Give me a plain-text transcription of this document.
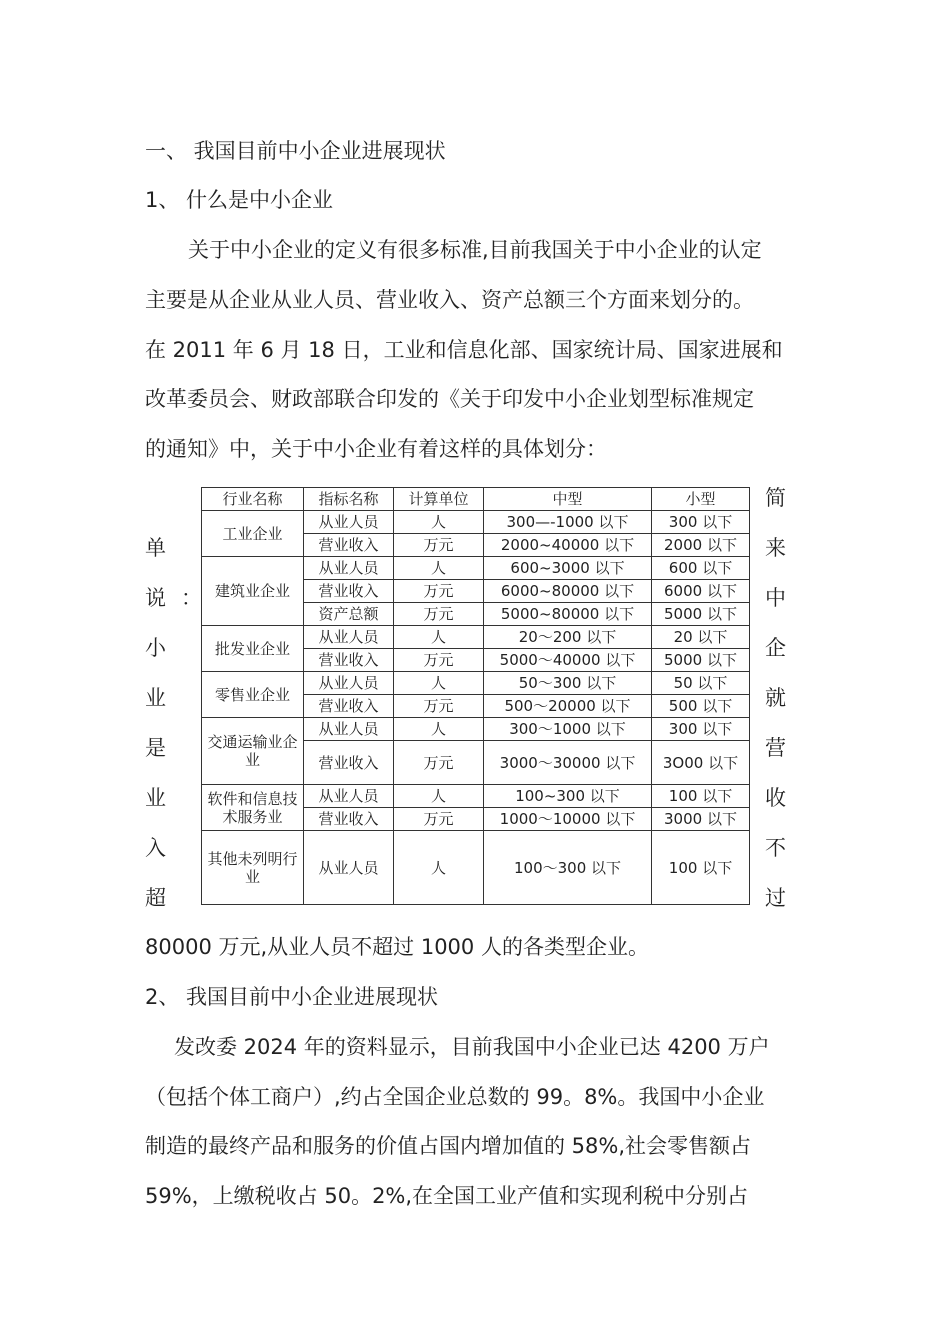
一、 我国目前中小企业进展现状
1、 什么是中小企业
关于中小企业的定义有很多标准,目前我国关于中小企业的认定
主要是从企业从业人员、营业收入、资产总额三个方面来划分的。
在 2011 年 6 月 18 日，工业和信息化部、国家统计局、国家进展和
改革委员会、财政部联合印发的《关于印发中小企业划型标准规定
的通知》中，关于中小企业有着这样的具体划分：
单
：
说
小
业
是
业
入
超
简
来
中
企
就
营
收
不
过
行业名称	指标名称	计算单位	中型	小型
工业企业	从业人员	人	300—-1000 以下	300 以下
	营业收入	万元	2000~40000 以下	2000 以下
建筑业企业	从业人员	人	600~3000 以下	600 以下
	营业收入	万元	6000~80000 以下	6000 以下
	资产总额	万元	5000~80000 以下	5000 以下
批发业企业	从业人员	人	20～200 以下	20 以下
	营业收入	万元	5000～40000 以下	5000 以下
零售业企业	从业人员	人	50～300 以下	50 以下
	营业收入	万元	500～20000 以下	500 以下
交通运输业企业	从业人员	人	300～1000 以下	300 以下
	营业收入	万元	3000～30000 以下	3O00 以下
软件和信息技术服务业	从业人员	人	100~300 以下	100 以下
	营业收入	万元	1000～10000 以下	3000 以下
其他未列明行业	从业人员	人	100～300 以下	100 以下
80000 万元,从业人员不超过 1000 人的各类型企业。
2、 我国目前中小企业进展现状
发改委 2024 年的资料显示，目前我国中小企业已达 4200 万户
（包括个体工商户）,约占全国企业总数的 99。8%。我国中小企业
制造的最终产品和服务的价值占国内增加值的 58%,社会零售额占
59%，上缴税收占 50。2%,在全国工业产值和实现利税中分别占
